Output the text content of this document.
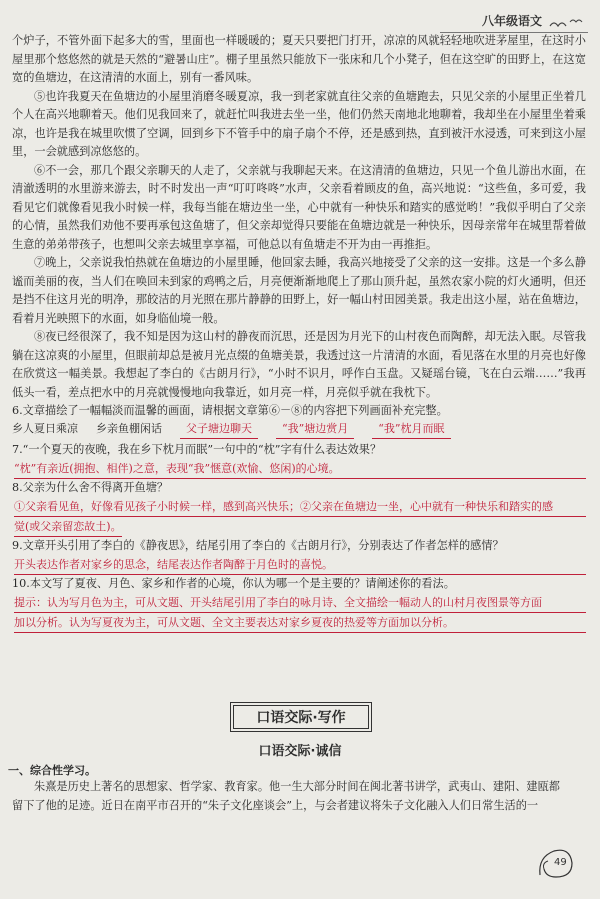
八年级语文

个炉子，不管外面下起多大的雪，里面也一样暖暖的；夏天只要把门打开，凉凉的风就轻轻地吹进茅屋里，在这时小屋里那个悠悠然的就是天然的“避暑山庄”。棚子里虽然只能放下一张床和几个小凳子，但在这空旷的田野上，在这宽宽的鱼塘边，在这清清的水面上，别有一番风味。

⑤也许我夏天在鱼塘边的小屋里消磨冬暖夏凉，我一到老家就直往父亲的鱼塘跑去，只见父亲的小屋里正坐着几个人在高兴地聊着天。他们见我回来了，就赶忙叫我进去坐一坐，他们仍然天南地北地聊着，我却坐在小屋里坐着乘凉，也许是我在城里吹惯了空调，回到乡下不管手中的扇子扇个不停，还是感到热，直到被汗水浸透，可来到这小屋里，一会就感到凉悠悠的。

⑥不一会，那几个跟父亲聊天的人走了，父亲就与我聊起天来。在这清清的鱼塘边，只见一个鱼儿游出水面，在清澈透明的水里游来游去，时不时发出一声“叮叮咚咚”水声，父亲看着顾皮的鱼，高兴地说：“这些鱼，多可爱，我看见它们就像看见我小时候一样，我每当能在塘边坐一坐，心中就有一种快乐和踏实的感觉哟！”我似乎明白了父亲的心情，虽然我们劝他不要再承包这鱼塘了，但父亲却觉得只要能在鱼塘边就是一种快乐，因母亲常年在城里帮着做生意的弟弟带孩子，也想叫父亲去城里享享福，可他总以有鱼塘走不开为由一再推拒。

⑦晚上，父亲说我怕热就在鱼塘边的小屋里睡，他回家去睡，我高兴地接受了父亲的这一安排。这是一个多么静谧而美丽的夜，当人们在唤回未到家的鸡鸭之后，月亮便渐渐地爬上了那山顶升起，虽然农家小院的灯火通明，但还是挡不住这月光的明净，那皎洁的月光照在那片静静的田野上，好一幅山村田园美景。我走出这小屋，站在鱼塘边，看着月光映照下的水面，如身临仙境一般。

⑧夜已经很深了，我不知是因为这山村的静夜而沉思，还是因为月光下的山村夜色而陶醉，却无法入眠。尽管我躺在这凉爽的小屋里，但眼前却总是被月光点缀的鱼塘美景，我透过这一片清清的水面，看见落在水里的月亮也好像在欣赏这一幅美景。我想起了李白的《古朗月行》，“小时不识月，呼作白玉盘。又疑瑶台镜，飞在白云端……”我再低头一看，差点把水中的月亮就慢慢地向我靠近，如月亮一样，月亮似乎就在我枕下。

6.文章描绘了一幅幅淡而温馨的画面，请根据文章第⑥－⑧的内容把下列画面补充完整。

乡人夏日乘凉 乡亲鱼棚闲话	父子塘边聊天	“我”塘边赏月	“我”枕月而眠

7.“一个夏天的夜晚，我在乡下枕月而眠”一句中的“枕”字有什么表达效果？

“枕”有亲近(拥抱、相伴)之意，表现“我”惬意(欢愉、悠闲)的心境。

8.父亲为什么舍不得离开鱼塘？

①父亲看见鱼，好像看见孩子小时候一样，感到高兴快乐；②父亲在鱼塘边一坐，心中就有一种快乐和踏实的感

觉(或父亲留恋故土)。

9.文章开头引用了李白的《静夜思》，结尾引用了李白的《古朗月行》，分别表达了作者怎样的感情？

开头表达作者对家乡的思念，结尾表达作者陶醉于月色时的喜悦。

10.本文写了夏夜、月色、家乡和作者的心境，你认为哪一个是主要的？请阐述你的看法。

提示：认为写月色为主，可从文题、开头结尾引用了李白的咏月诗、全文描绘一幅动人的山村月夜图景等方面

加以分析。认为写夏夜为主，可从文题、全文主要表达对家乡夏夜的热爱等方面加以分析。

口语交际·写作
口语交际·诚信
一、综合性学习。

朱熹是历史上著名的思想家、哲学家、教育家。他一生大部分时间在闽北著书讲学，武夷山、建阳、建瓯都留下了他的足迹。近日在南平市召开的“朱子文化座谈会”上，与会者建议将朱子文化融入人们日常生活的一

49
